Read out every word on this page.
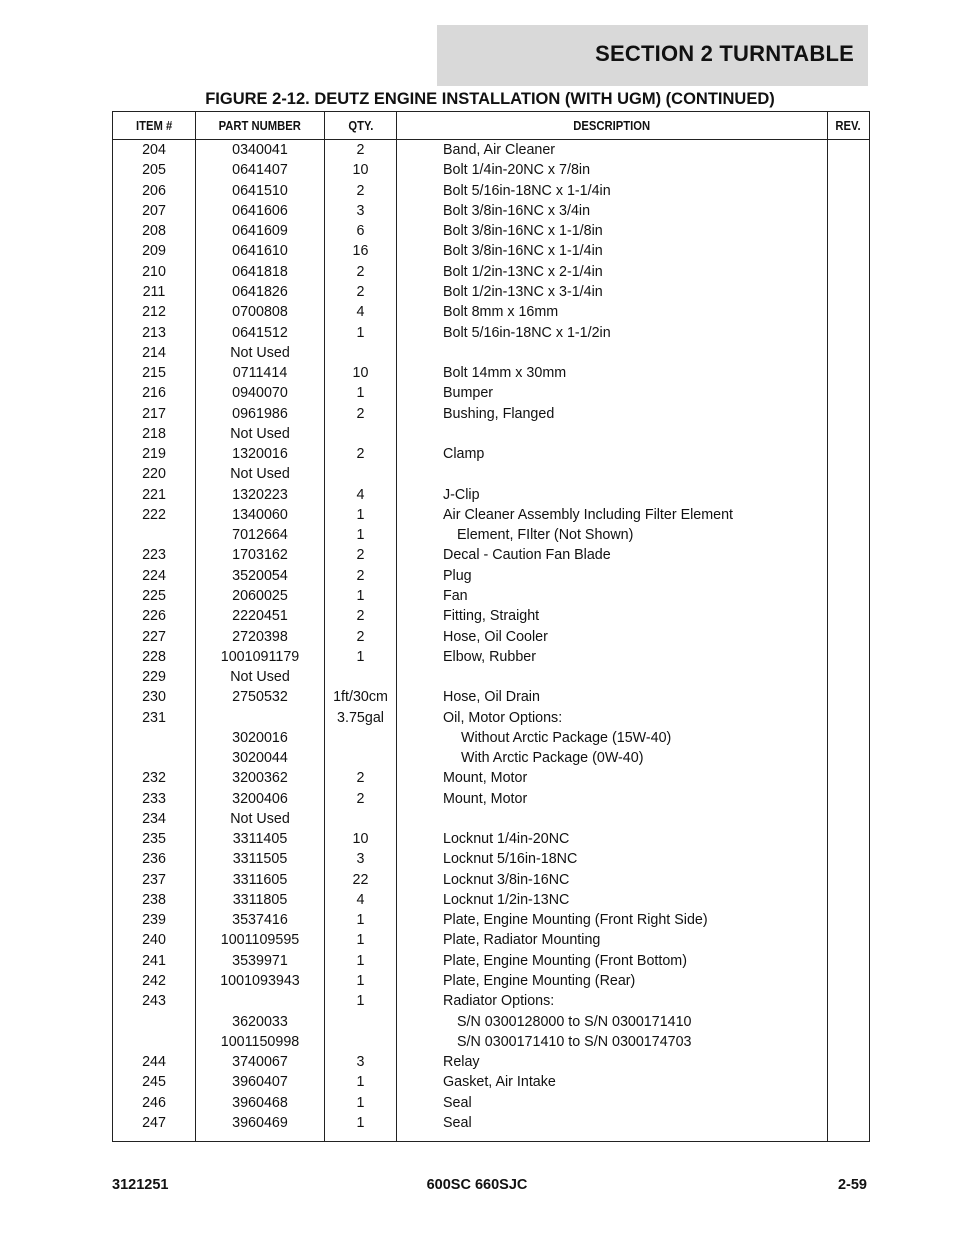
SECTION 2 TURNTABLE
FIGURE 2-12. DEUTZ ENGINE INSTALLATION (WITH UGM) (CONTINUED)
ITEM #	PART NUMBER	QTY.	DESCRIPTION	REV.
204	0340041	2	Band, Air Cleaner	
205	0641407	10	Bolt 1/4in-20NC x 7/8in	
206	0641510	2	Bolt 5/16in-18NC x 1-1/4in	
207	0641606	3	Bolt 3/8in-16NC x 3/4in	
208	0641609	6	Bolt 3/8in-16NC x 1-1/8in	
209	0641610	16	Bolt 3/8in-16NC x 1-1/4in	
210	0641818	2	Bolt 1/2in-13NC x 2-1/4in	
211	0641826	2	Bolt 1/2in-13NC x 3-1/4in	
212	0700808	4	Bolt 8mm x 16mm	
213	0641512	1	Bolt 5/16in-18NC x 1-1/2in	
214	Not Used			
215	0711414	10	Bolt 14mm x 30mm	
216	0940070	1	Bumper	
217	0961986	2	Bushing, Flanged	
218	Not Used			
219	1320016	2	Clamp	
220	Not Used			
221	1320223	4	J-Clip	
222	1340060	1	Air Cleaner Assembly Including Filter Element	
	7012664	1	Element, FIlter (Not Shown)	
223	1703162	2	Decal - Caution Fan Blade	
224	3520054	2	Plug	
225	2060025	1	Fan	
226	2220451	2	Fitting, Straight	
227	2720398	2	Hose, Oil Cooler	
228	1001091179	1	Elbow, Rubber	
229	Not Used			
230	2750532	1ft/30cm	Hose, Oil Drain	
231		3.75gal	Oil, Motor Options:	
	3020016		Without Arctic Package (15W-40)	
	3020044		With Arctic Package (0W-40)	
232	3200362	2	Mount, Motor	
233	3200406	2	Mount, Motor	
234	Not Used			
235	3311405	10	Locknut 1/4in-20NC	
236	3311505	3	Locknut 5/16in-18NC	
237	3311605	22	Locknut 3/8in-16NC	
238	3311805	4	Locknut 1/2in-13NC	
239	3537416	1	Plate, Engine Mounting (Front Right Side)	
240	1001109595	1	Plate, Radiator Mounting	
241	3539971	1	Plate, Engine Mounting (Front Bottom)	
242	1001093943	1	Plate, Engine Mounting (Rear)	
243		1	Radiator Options:	
	3620033		S/N 0300128000 to S/N 0300171410	
	1001150998		S/N 0300171410 to S/N 0300174703	
244	3740067	3	Relay	
245	3960407	1	Gasket, Air Intake	
246	3960468	1	Seal	
247	3960469	1	Seal	

3121251	600SC 660SJC	2-59
